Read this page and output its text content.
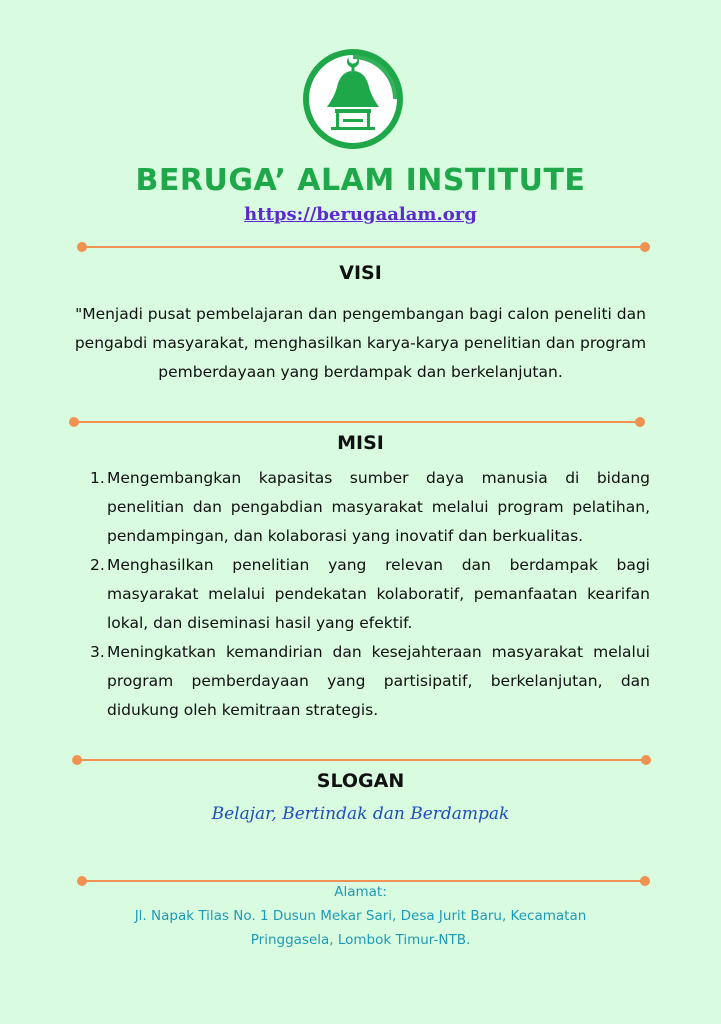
BERUGA’ ALAM INSTITUTE
https://berugaalam.org
VISI
"Menjadi pusat pembelajaran dan pengembangan bagi calon peneliti dan pengabdi masyarakat, menghasilkan karya-karya penelitian dan program pemberdayaan yang berdampak dan berkelanjutan.
MISI
1. Mengembangkan kapasitas sumber daya manusia di bidang penelitian dan pengabdian masyarakat melalui program pelatihan, pendampingan, dan kolaborasi yang inovatif dan berkualitas.
2. Menghasilkan penelitian yang relevan dan berdampak bagi masyarakat melalui pendekatan kolaboratif, pemanfaatan kearifan lokal, dan diseminasi hasil yang efektif.
3. Meningkatkan kemandirian dan kesejahteraan masyarakat melalui program pemberdayaan yang partisipatif, berkelanjutan, dan didukung oleh kemitraan strategis.
SLOGAN
Belajar, Bertindak dan Berdampak
Alamat:
Jl. Napak Tilas No. 1 Dusun Mekar Sari, Desa Jurit Baru, Kecamatan
Pringgasela, Lombok Timur-NTB.
